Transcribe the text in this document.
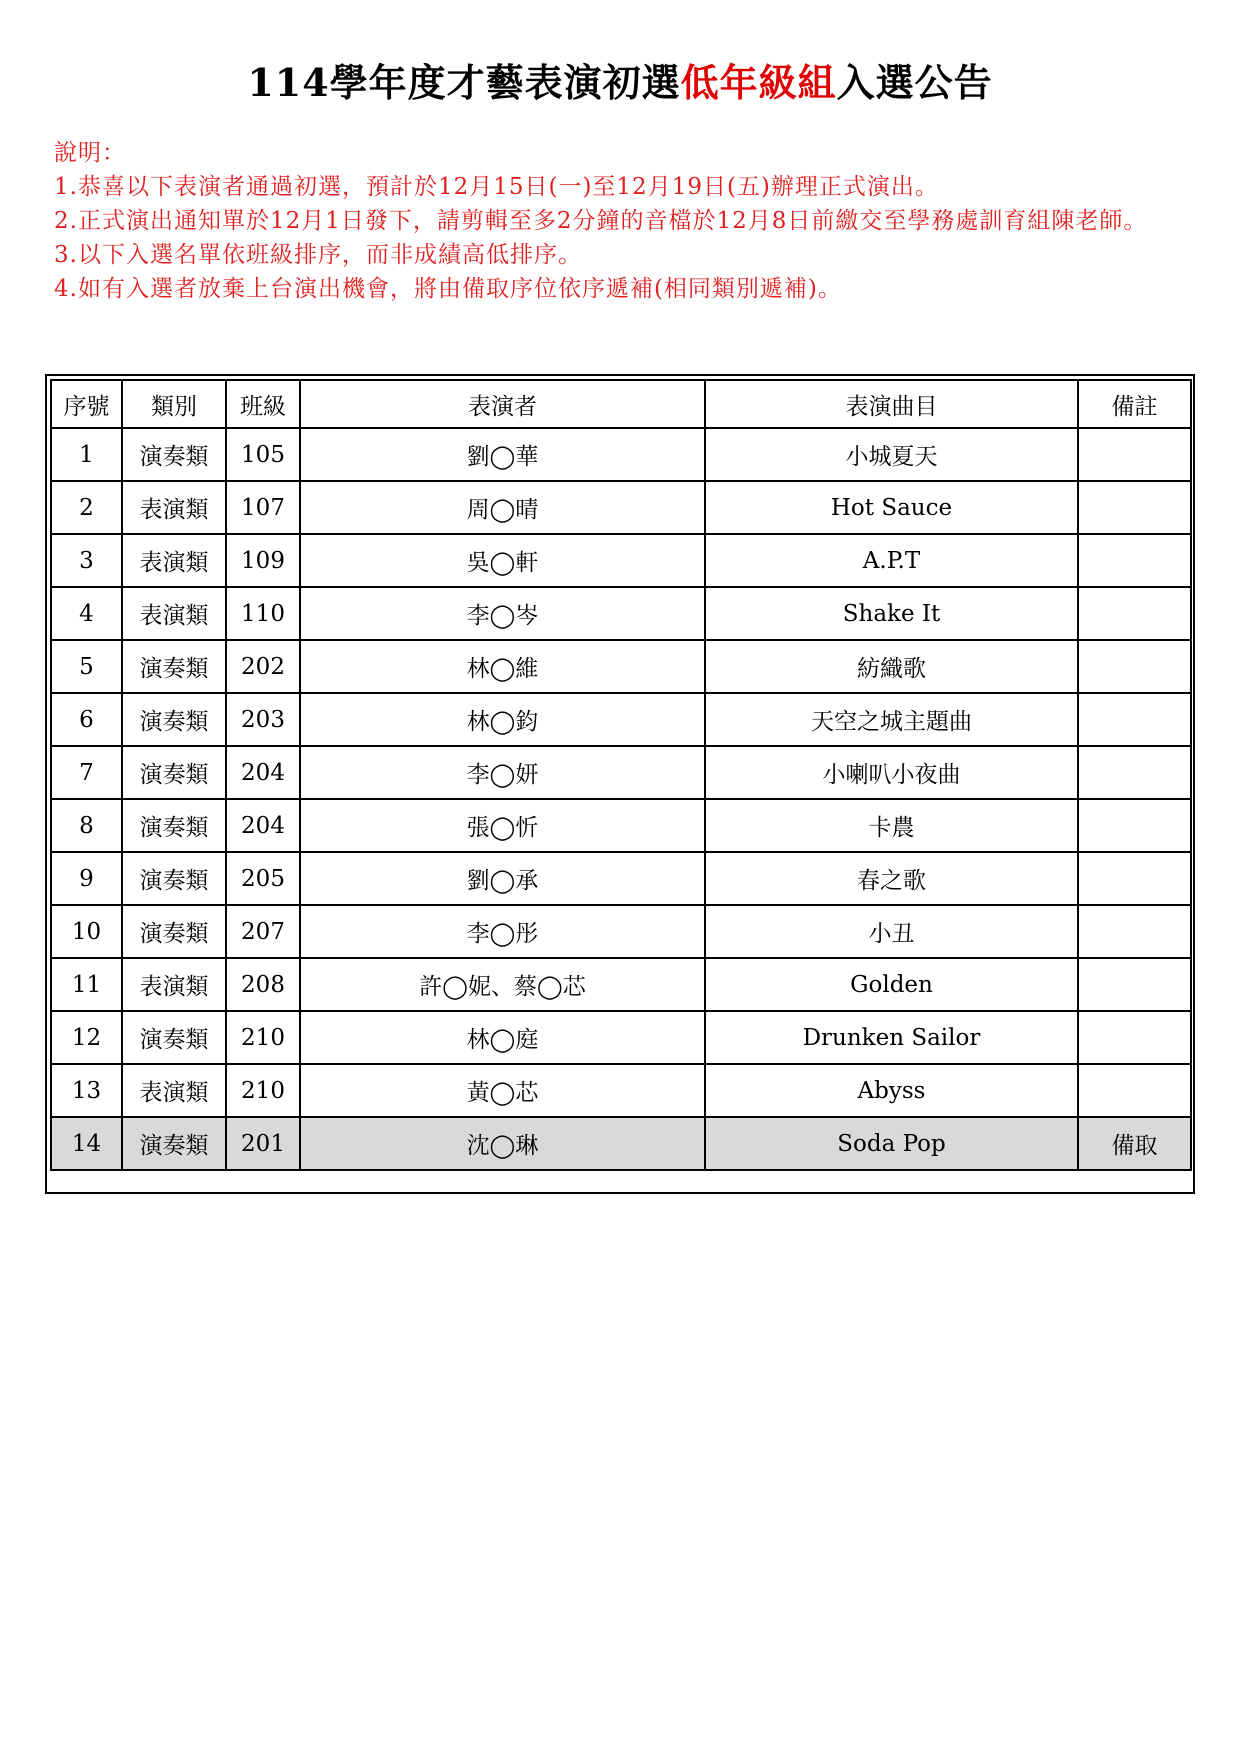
114學年度才藝表演初選低年級組入選公告
說明：
1.恭喜以下表演者通過初選，預計於12月15日(一)至12月19日(五)辦理正式演出。
2.正式演出通知單於12月1日發下，請剪輯至多2分鐘的音檔於12月8日前繳交至學務處訓育組陳老師。
3.以下入選名單依班級排序，而非成績高低排序。
4.如有入選者放棄上台演出機會，將由備取序位依序遞補(相同類別遞補)。
序號	類別	班級	表演者	表演曲目	備註
1	演奏類	105	劉◯華	小城夏天	
2	表演類	107	周◯晴	Hot Sauce	
3	表演類	109	吳◯軒	A.P.T	
4	表演類	110	李◯岑	Shake It	
5	演奏類	202	林◯維	紡織歌	
6	演奏類	203	林◯鈞	天空之城主題曲	
7	演奏類	204	李◯妍	小喇叭小夜曲	
8	演奏類	204	張◯忻	卡農	
9	演奏類	205	劉◯承	春之歌	
10	演奏類	207	李◯彤	小丑	
11	表演類	208	許◯妮、蔡◯芯	Golden	
12	演奏類	210	林◯庭	Drunken Sailor	
13	表演類	210	黃◯芯	Abyss	
14	演奏類	201	沈◯琳	Soda Pop	備取
